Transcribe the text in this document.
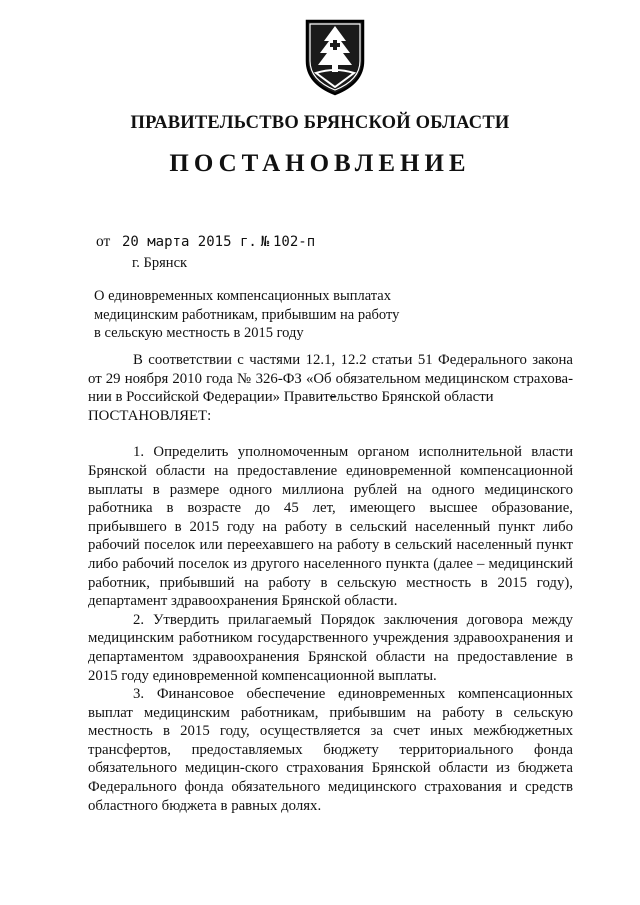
ПРАВИТЕЛЬСТВО БРЯНСКОЙ ОБЛАСТИ
ПОСТАНОВЛЕНИЕ
от 20 марта 2015 г. № 102-п
г. Брянск
О единовременных компенсационных выплатах
медицинским работникам, прибывшим на работу
в сельскую местность в 2015 году

В соответствии с частями 12.1, 12.2 статьи 51 Федерального закона от 29 ноября 2010 года № 326-ФЗ «Об обязательном медицинском страхова-нии в Российской Федерации» Правительство Брянской области

ПОСТАНОВЛЯЕТ:

1. Определить уполномоченным органом исполнительной власти Брянской области на предоставление единовременной компенсационной выплаты в размере одного миллиона рублей на одного медицинского работника в возрасте до 45 лет, имеющего высшее образование, прибывшего в 2015 году на работу в сельский населенный пункт либо рабочий поселок или переехавшего на работу в сельский населенный пункт либо рабочий поселок из другого населенного пункта (далее – медицинский работник, прибывший на работу в сельскую местность в 2015 году), департамент здравоохранения Брянской области.

2. Утвердить прилагаемый Порядок заключения договора между медицинским работником государственного учреждения здравоохранения и департаментом здравоохранения Брянской области на предоставление в 2015 году единовременной компенсационной выплаты.

3. Финансовое обеспечение единовременных компенсационных выплат медицинским работникам, прибывшим на работу в сельскую местность в 2015 году, осуществляется за счет иных межбюджетных трансфертов, предоставляемых бюджету территориального фонда обязательного медицин-ского страхования Брянской области из бюджета Федерального фонда обязательного медицинского страхования и средств областного бюджета в равных долях.
